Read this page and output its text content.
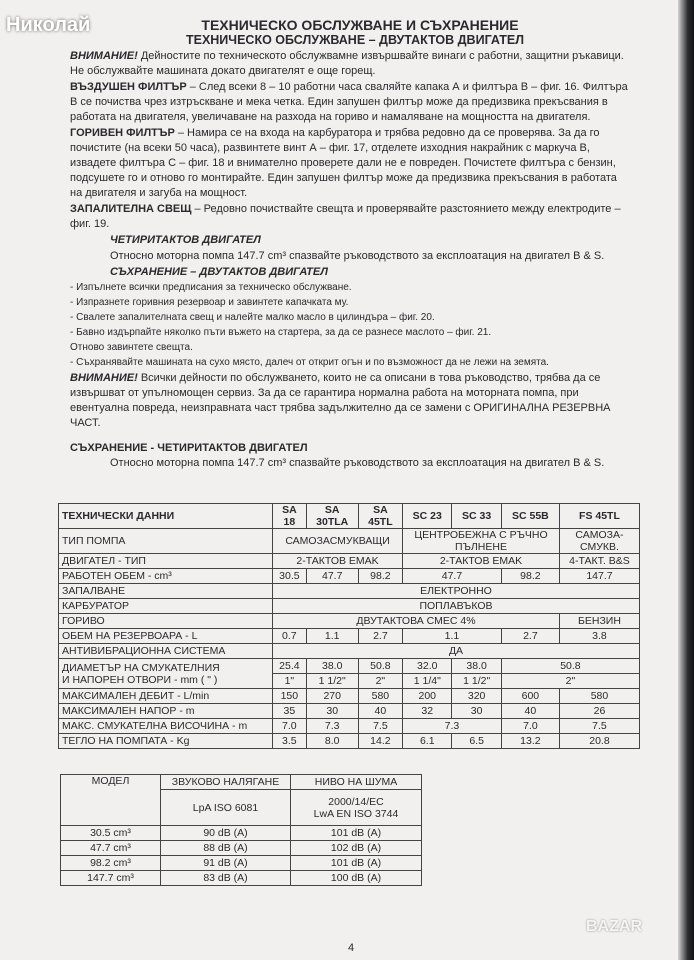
ТЕХНИЧЕСКО ОБСЛУЖВАНЕ И СЪХРАНЕНИЕ
ТЕХНИЧЕСКО ОБСЛУЖВАНЕ – ДВУТАКТОВ ДВИГАТЕЛ
ВНИМАНИЕ! Дейностите по техническото обслужвамне извършвайте винаги с работни, защитни ръкавици. Не обслужвайте машината докато двигателят е още горещ.
ВЪЗДУШЕН ФИЛТЪР – След всеки 8 – 10 работни часа сваляйте капака А и филтъра В – фиг. 16. Филтъра В се почиства чрез изтръскване и мека четка. Един запушен филтър може да предизвика прекъсвания в работата на двигателя, увеличаване на разхода на гориво и намаляване на мощността на двигателя.
ГОРИВЕН ФИЛТЪР – Намира се на входа на карбуратора и трябва редовно да се проверява. За да го почистите (на всеки 50 часа), развинтете винт А – фиг. 17, отделете изходния накрайник с маркуча В, извадете филтъра С – фиг. 18 и внимателно проверете дали не е повреден. Почистете филтъра с бензин, подсушете го и отново го монтирайте. Един запушен филтър може да предизвика прекъсвания в работата на двигателя и загуба на мощност.
ЗАПАЛИТЕЛНА СВЕЩ – Редовно почиствайте свещта и проверявайте разстоянието между електродите – фиг. 19.
ЧЕТИРИТАКТОВ ДВИГАТЕЛ
Относно моторна помпа 147.7 cm³ спазвайте ръководството за експлоатация на двигател B & S.
СЪХРАНЕНИЕ – ДВУТАКТОВ ДВИГАТЕЛ
- Изпълнете всички предписания за техническо обслужване.
- Изпразнете горивния резервоар и завинтете капачката му.
- Свалете запалителната свещ и налейте малко масло в цилиндъра – фиг. 20.
- Бавно издърпайте няколко пъти въжето на стартера, за да се разнесе маслото – фиг. 21.
Отново завинтете свещта.
- Съхранявайте машината на сухо място, далеч от открит огън и по възможност да не лежи на земята.
ВНИМАНИЕ! Всички дейности по обслужването, които не са описани в това ръководство, трябва да се извършват от упълномощен сервиз. За да се гарантира нормална работа на моторната помпа, при евентуална повреда, неизправната част трябва задължително да се замени с ОРИГИНАЛНА РЕЗЕРВНА ЧАСТ.
СЪХРАНЕНИЕ - ЧЕТИРИТАКТОВ ДВИГАТЕЛ
Относно моторна помпа 147.7 cm³ спазвайте ръководството за експлоатация на двигател B & S.
ТЕХНИЧЕСКИ ДАННИ	SA 18	SA 30TLA	SA 45TL	SC 23	SC 33	SC 55B	FS 45TL
ТИП ПОМПА	САМОЗАСМУКВАЩИ			ЦЕНТРОБЕЖНА С РЪЧНО ПЪЛНЕНЕ			САМОЗА-СМУКВ.
ДВИГАТЕЛ - ТИП	2-ТАКТОВ EMAK			2-ТАКТОВ EMAK			4-ТАКТ. B&S
РАБОТЕН ОБЕМ - cm³	30.5	47.7	98.2	47.7		98.2	147.7
ЗАПАЛВАНЕ	ЕЛЕКТРОННО						
КАРБУРАТОР	ПОПЛАВЪКОВ						
ГОРИВО	ДВУТАКТОВА СМЕС 4%						БЕНЗИН
ОБЕМ НА РЕЗЕРВОАРА - L	0.7	1.1	2.7	1.1		2.7	3.8
АНТИВИБРАЦИОННА СИСТЕМА	ДА						

ДИАМЕТЪР НА СМУКАТЕЛНИЯ
И НАПОРЕН ОТВОРИ - mm ( " )	25.4	38.0	50.8	32.0	38.0	50.8	
	1"	1 1/2"	2"	1 1/4"	1 1/2"	2"	
МАКСИМАЛЕН ДЕБИТ - L/min	150	270	580	200	320	600	580
МАКСИМАЛЕН НАПОР - m	35	30	40	32	30	40	26
МАКС. СМУКАТЕЛНА ВИСОЧИНА - m	7.0	7.3	7.5	7.3		7.0	7.5
ТЕГЛО НА ПОМПАТА - Kg	3.5	8.0	14.2	6.1	6.5	13.2	20.8
МОДЕЛ	ЗВУКОВО НАЛЯГАНЕ	НИВО НА ШУМА
	LpA ISO 6081	2000/14/EC
LwA EN ISO 3744

30.5 cm³	90 dB (A)	101 dB (A)
47.7 cm³	88 dB (A)	102 dB (A)
98.2 cm³	91 dB (A)	101 dB (A)
147.7 cm³	83 dB (A)	100 dB (A)
4
Николай
BAZAR
